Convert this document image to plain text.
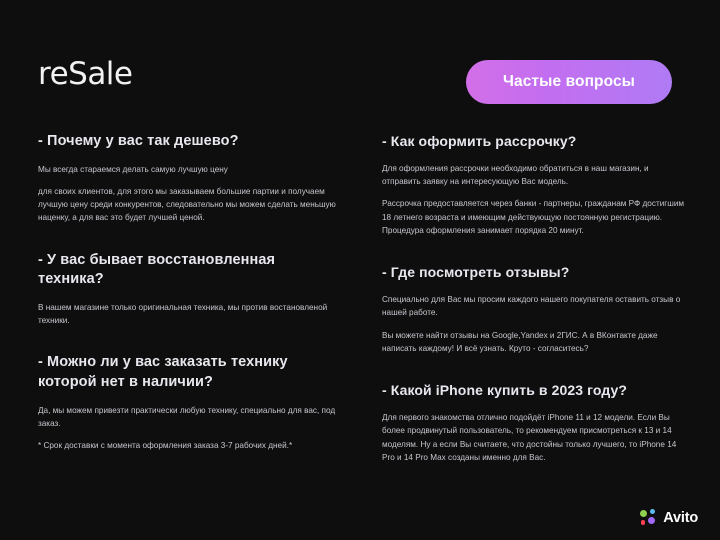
reSale	Частые вопросы
- Почему у вас так дешево?

Мы всегда стараемся делать самую лучшую цену

для своих клиентов, для этого мы заказываем большие партии и получаем лучшую цену среди конкурентов, следовательно мы можем сделать меньшую наценку, а для вас это будет лучшей ценой.

- У вас бывает восстановленная техника?

В нашем магазине только оригинальная техника, мы против востановленой техники.

- Можно ли у вас заказать технику которой нет в наличии?

Да, мы можем привезти практически любую технику, специально для вас, под заказ.

* Срок доставки с момента оформления заказа 3-7 рабочих дней.*

- Как оформить рассрочку?

Для оформления рассрочки необходимо обратиться в наш магазин, и отправить заявку на интересующую Вас модель.

Рассрочка предоставляется через банки - партнеры, гражданам РФ достигшим 18 летнего возраста и имеющим действующую постоянную регистрацию. Процедура оформления занимает порядка 20 минут.

- Где посмотреть отзывы?

Специально для Вас мы просим каждого нашего покупателя оставить отзыв о нашей работе.

Вы можете найти отзывы на Google,Yandex и 2ГИС. А в ВКонтакте даже написать каждому! И всё узнать. Круто - согласитесь?

- Какой iPhone купить в 2023 году?

Для первого знакомства отлично подойдёт iPhone 11 и 12 модели. Если Вы более продвинутый пользователь, то рекомендуем присмотреться к 13 и 14 моделям. Ну а если Вы считаете, что достойны только лучшего, то iPhone 14 Pro и 14 Pro Max созданы именно для Вас.

Avito
